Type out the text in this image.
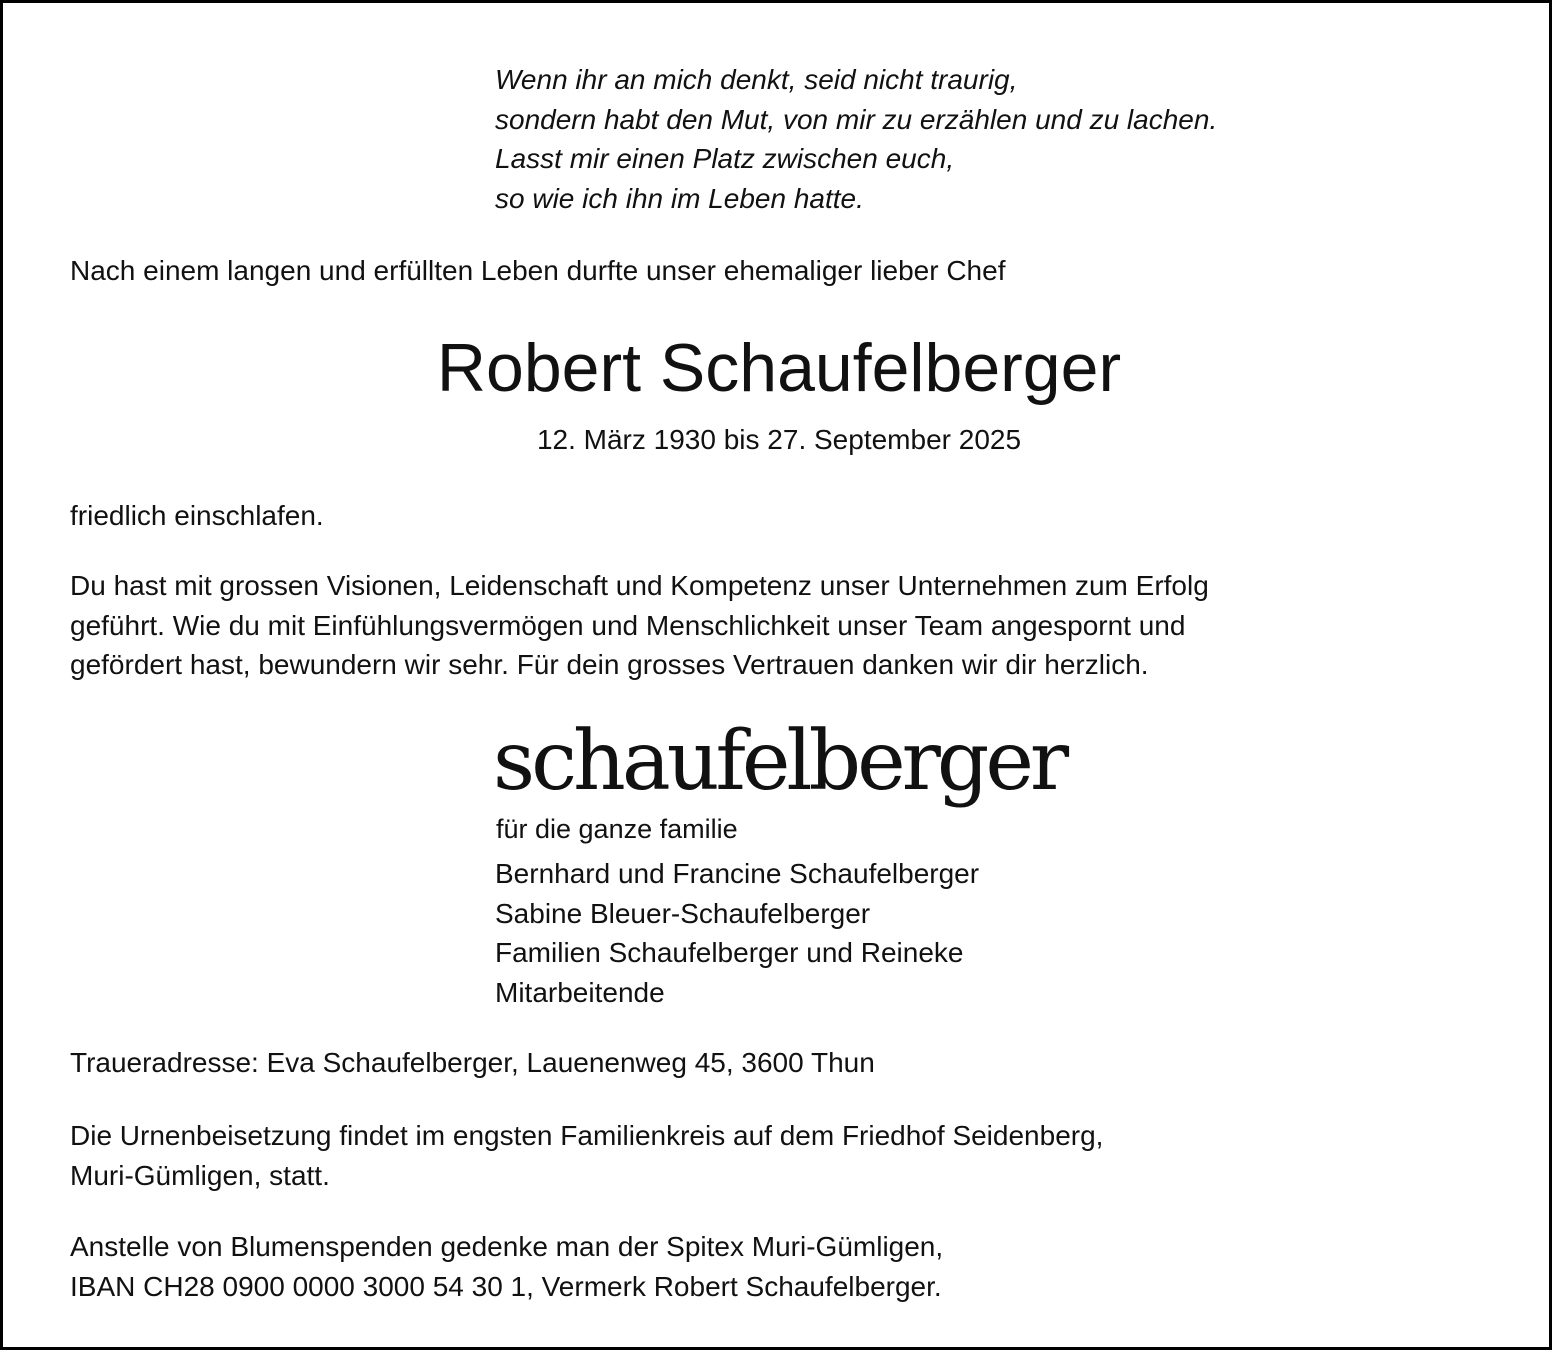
Wenn ihr an mich denkt, seid nicht traurig,
sondern habt den Mut, von mir zu erzählen und zu lachen.
Lasst mir einen Platz zwischen euch,
so wie ich ihn im Leben hatte.

Nach einem langen und erfüllten Leben durfte unser ehemaliger lieber Chef

Robert Schaufelberger

12. März 1930 bis 27. September 2025

friedlich einschlafen.

Du hast mit grossen Visionen, Leidenschaft und Kompetenz unser Unternehmen zum Erfolg
geführt. Wie du mit Einfühlungsvermögen und Menschlichkeit unser Team angespornt und
gefördert hast, bewundern wir sehr. Für dein grosses Vertrauen danken wir dir herzlich.
schaufelberger
für die ganze familie
Bernhard und Francine Schaufelberger
Sabine Bleuer-Schaufelberger
Familien Schaufelberger und Reineke
Mitarbeitende

Traueradresse: Eva Schaufelberger, Lauenenweg 45, 3600 Thun

Die Urnenbeisetzung findet im engsten Familienkreis auf dem Friedhof Seidenberg,
Muri-Gümligen, statt.
Anstelle von Blumenspenden gedenke man der Spitex Muri-Gümligen,
IBAN CH28 0900 0000 3000 54 30 1, Vermerk Robert Schaufelberger.
